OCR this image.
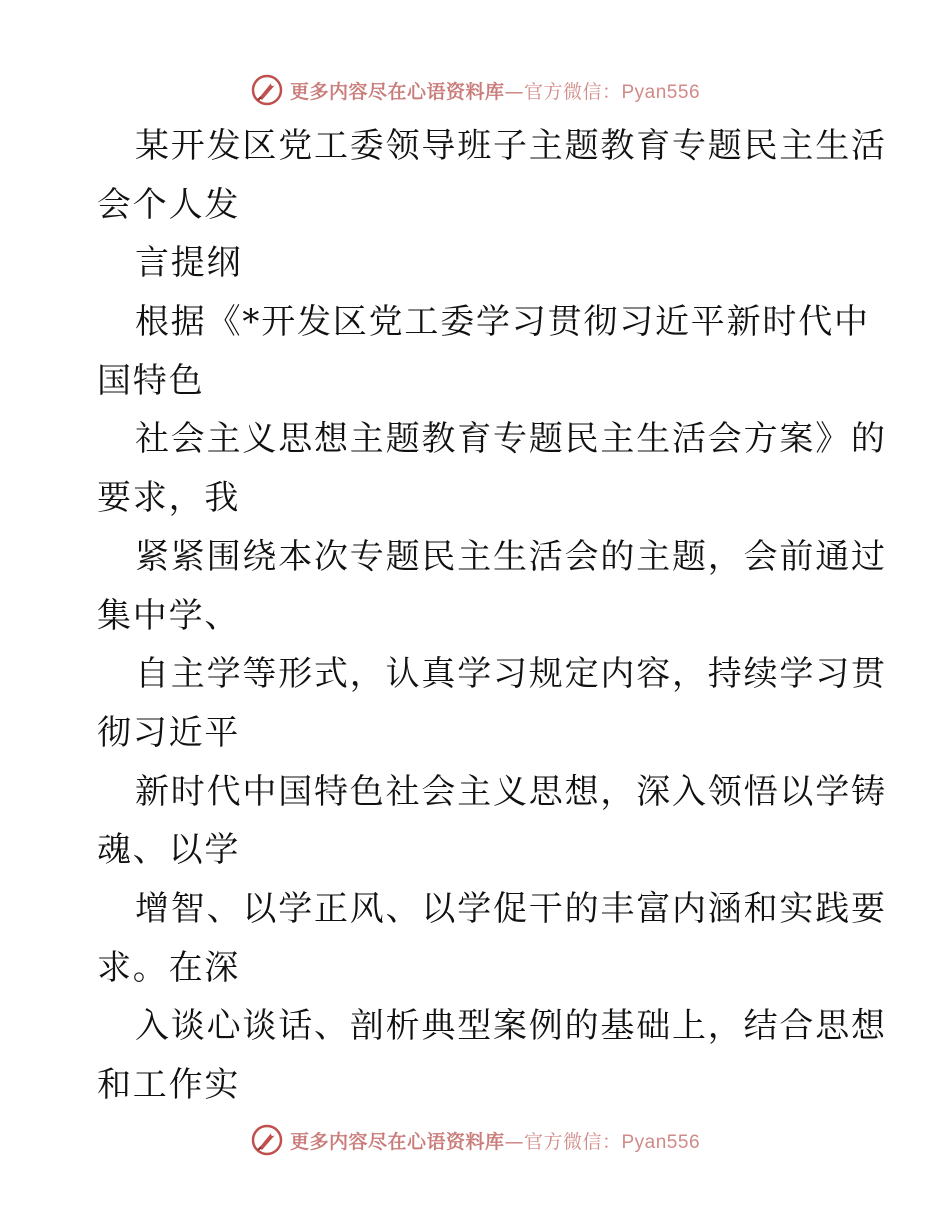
更多内容尽在心语资料库—官方微信：Pyan556
某开发区党工委领导班子主题教育专题民主生活
会个人发
言提纲
根据《*开发区党工委学习贯彻习近平新时代中
国特色
社会主义思想主题教育专题民主生活会方案》的
要求，我
紧紧围绕本次专题民主生活会的主题，会前通过
集中学、
自主学等形式，认真学习规定内容，持续学习贯
彻习近平
新时代中国特色社会主义思想，深入领悟以学铸
魂、以学
增智、以学正风、以学促干的丰富内涵和实践要
求。在深
入谈心谈话、剖析典型案例的基础上，结合思想
和工作实
更多内容尽在心语资料库—官方微信：Pyan556
